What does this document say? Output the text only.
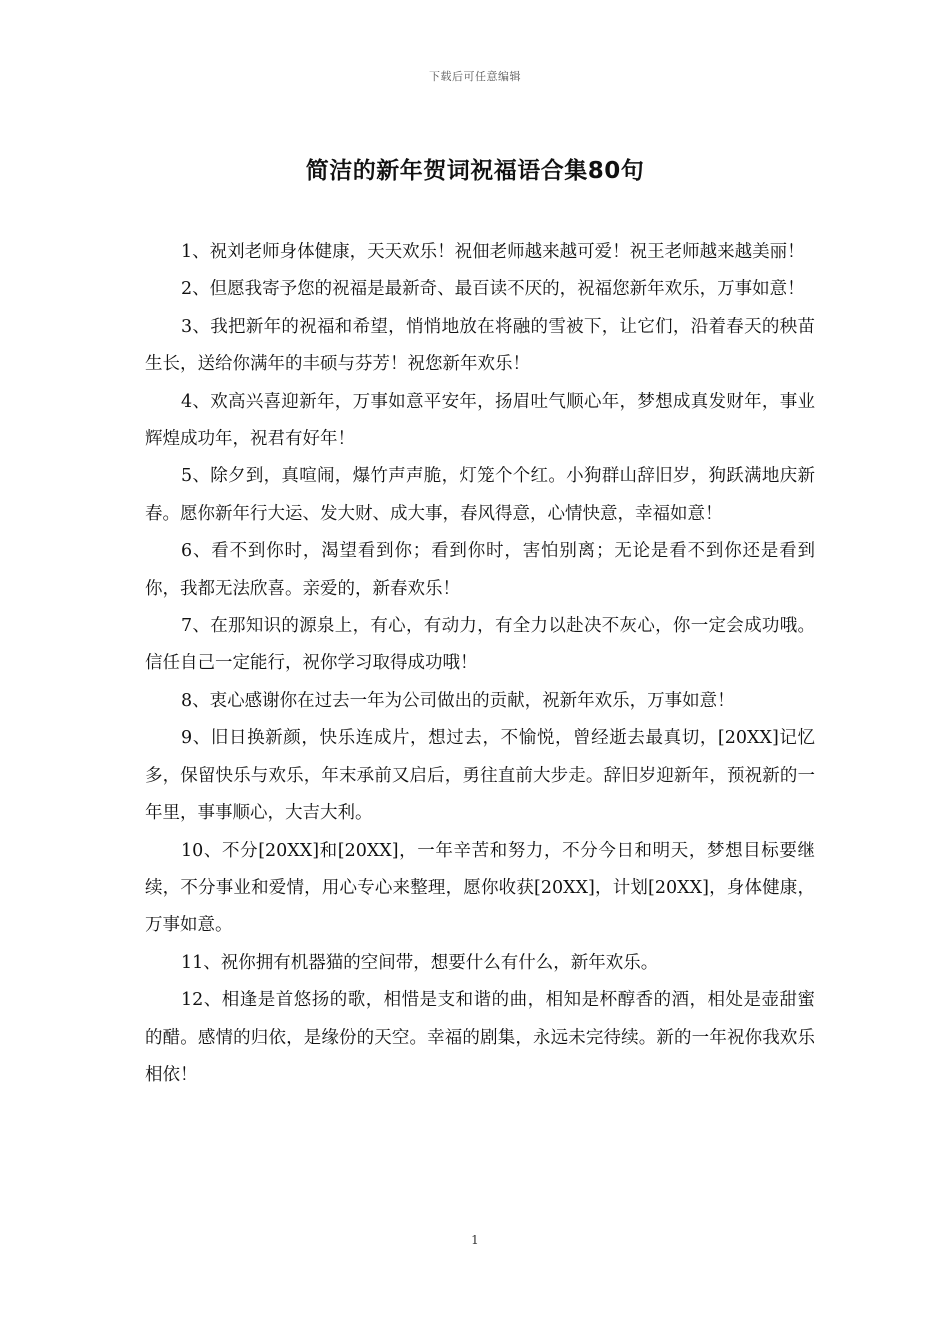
下载后可任意编辑
简洁的新年贺词祝福语合集80句

1、祝刘老师身体健康，天天欢乐！祝佃老师越来越可爱！祝王老师越来越美丽！

2、但愿我寄予您的祝福是最新奇、最百读不厌的，祝福您新年欢乐，万事如意！

3、我把新年的祝福和希望，悄悄地放在将融的雪被下，让它们，沿着春天的秧苗生长，送给你满年的丰硕与芬芳！祝您新年欢乐！

4、欢高兴喜迎新年，万事如意平安年，扬眉吐气顺心年，梦想成真发财年，事业辉煌成功年，祝君有好年！

5、除夕到，真喧闹，爆竹声声脆，灯笼个个红。小狗群山辞旧岁，狗跃满地庆新春。愿你新年行大运、发大财、成大事，春风得意，心情快意，幸福如意！

6、看不到你时，渴望看到你；看到你时，害怕别离；无论是看不到你还是看到你，我都无法欣喜。亲爱的，新春欢乐！

7、在那知识的源泉上，有心，有动力，有全力以赴决不灰心，你一定会成功哦。信任自己一定能行，祝你学习取得成功哦！

8、衷心感谢你在过去一年为公司做出的贡献，祝新年欢乐，万事如意！

9、旧日换新颜，快乐连成片，想过去，不愉悦，曾经逝去最真切，[20XX]记忆多，保留快乐与欢乐，年末承前又启后，勇往直前大步走。辞旧岁迎新年，预祝新的一年里，事事顺心，大吉大利。

10、不分[20XX]和[20XX]，一年辛苦和努力，不分今日和明天，梦想目标要继续，不分事业和爱情，用心专心来整理，愿你收获[20XX]，计划[20XX]，身体健康，万事如意。

11、祝你拥有机器猫的空间带，想要什么有什么，新年欢乐。

12、相逢是首悠扬的歌，相惜是支和谐的曲，相知是杯醇香的酒，相处是壶甜蜜的醋。感情的归依，是缘份的天空。幸福的剧集，永远未完待续。新的一年祝你我欢乐相依！

1
